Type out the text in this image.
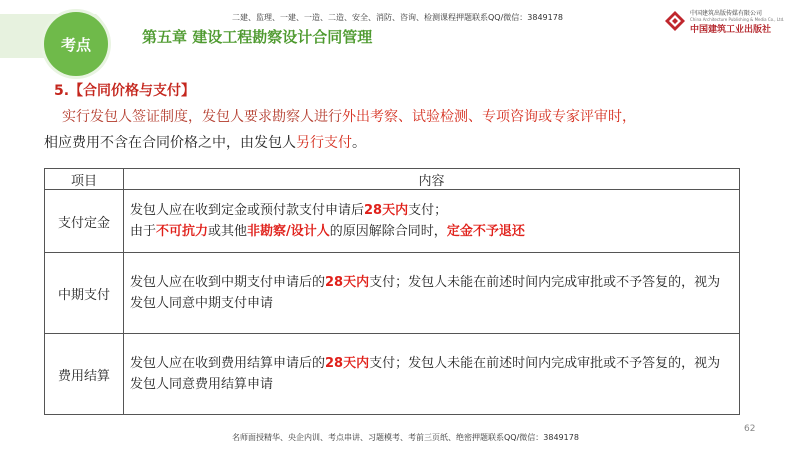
考点	第五章 建设工程勘察设计合同管理
二建、监理、一建、一造、二造、安全、消防、咨询、检测课程押题联系QQ/微信：3849178	中国建筑出版传媒有限公司
China Architecture Publishing & Media Co., Ltd.
中国建筑工业出版社
5.【合同价格与支付】
实行发包人签证制度，发包人要求勘察人进行外出考察、试验检测、专项咨询或专家评审时，
相应费用不含在合同价格之中，由发包人另行支付。
项目	内容
支付定金	发包人应在收到定金或预付款支付申请后28天内支付；
由于不可抗力或其他非勘察/设计人的原因解除合同时，定金不予退还

中期支付	发包人应在收到中期支付申请后的28天内支付；发包人未能在前述时间内完成审批或不予答复的，视为发包人同意中期支付申请
费用结算	发包人应在收到费用结算申请后的28天内支付；发包人未能在前述时间内完成审批或不予答复的，视为发包人同意费用结算申请
62
名师面授精华、央企内训、考点串讲、习题模考、考前三页纸、绝密押题联系QQ/微信：3849178
